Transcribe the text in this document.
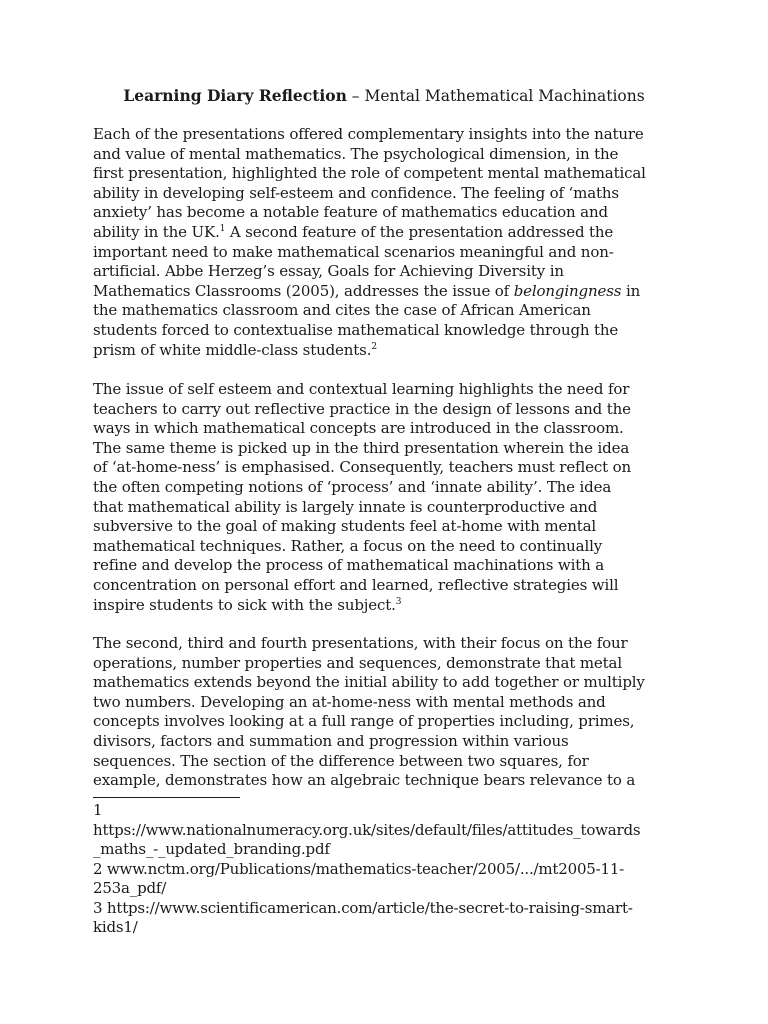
Learning Diary Reflection – Mental Mathematical Machinations
Each of the presentations offered complementary insights into the nature
and value of mental mathematics. The psychological dimension, in the
first presentation, highlighted the role of competent mental mathematical
ability in developing self-esteem and confidence. The feeling of ‘maths
anxiety’ has become a notable feature of mathematics education and
ability in the UK.$^1$ A second feature of the presentation addressed the
important need to make mathematical scenarios meaningful and non-
artificial. Abbe Herzeg’s essay, Goals for Achieving Diversity in
Mathematics Classrooms (2005), addresses the issue of belongingness in
the mathematics classroom and cites the case of African American
students forced to contextualise mathematical knowledge through the
prism of white middle-class students.$^2$
The issue of self esteem and contextual learning highlights the need for
teachers to carry out reflective practice in the design of lessons and the
ways in which mathematical concepts are introduced in the classroom.
The same theme is picked up in the third presentation wherein the idea
of ‘at-home-ness’ is emphasised. Consequently, teachers must reflect on
the often competing notions of ‘process’ and ‘innate ability’. The idea
that mathematical ability is largely innate is counterproductive and
subversive to the goal of making students feel at-home with mental
mathematical techniques. Rather, a focus on the need to continually
refine and develop the process of mathematical machinations with a
concentration on personal effort and learned, reflective strategies will
inspire students to sick with the subject.$^3$
The second, third and fourth presentations, with their focus on the four
operations, number properties and sequences, demonstrate that metal
mathematics extends beyond the initial ability to add together or multiply
two numbers. Developing an at-home-ness with mental methods and
concepts involves looking at a full range of properties including, primes,
divisors, factors and summation and progression within various
sequences. The section of the difference between two squares, for
example, demonstrates how an algebraic technique bears relevance to a
1
https://www.nationalnumeracy.org.uk/sites/default/files/attitudes_towards
_maths_-_updated_branding.pdf
2 www.nctm.org/Publications/mathematics-teacher/2005/.../mt2005-11-
253a_pdf/
3 https://www.scientificamerican.com/article/the-secret-to-raising-smart-
kids1/
